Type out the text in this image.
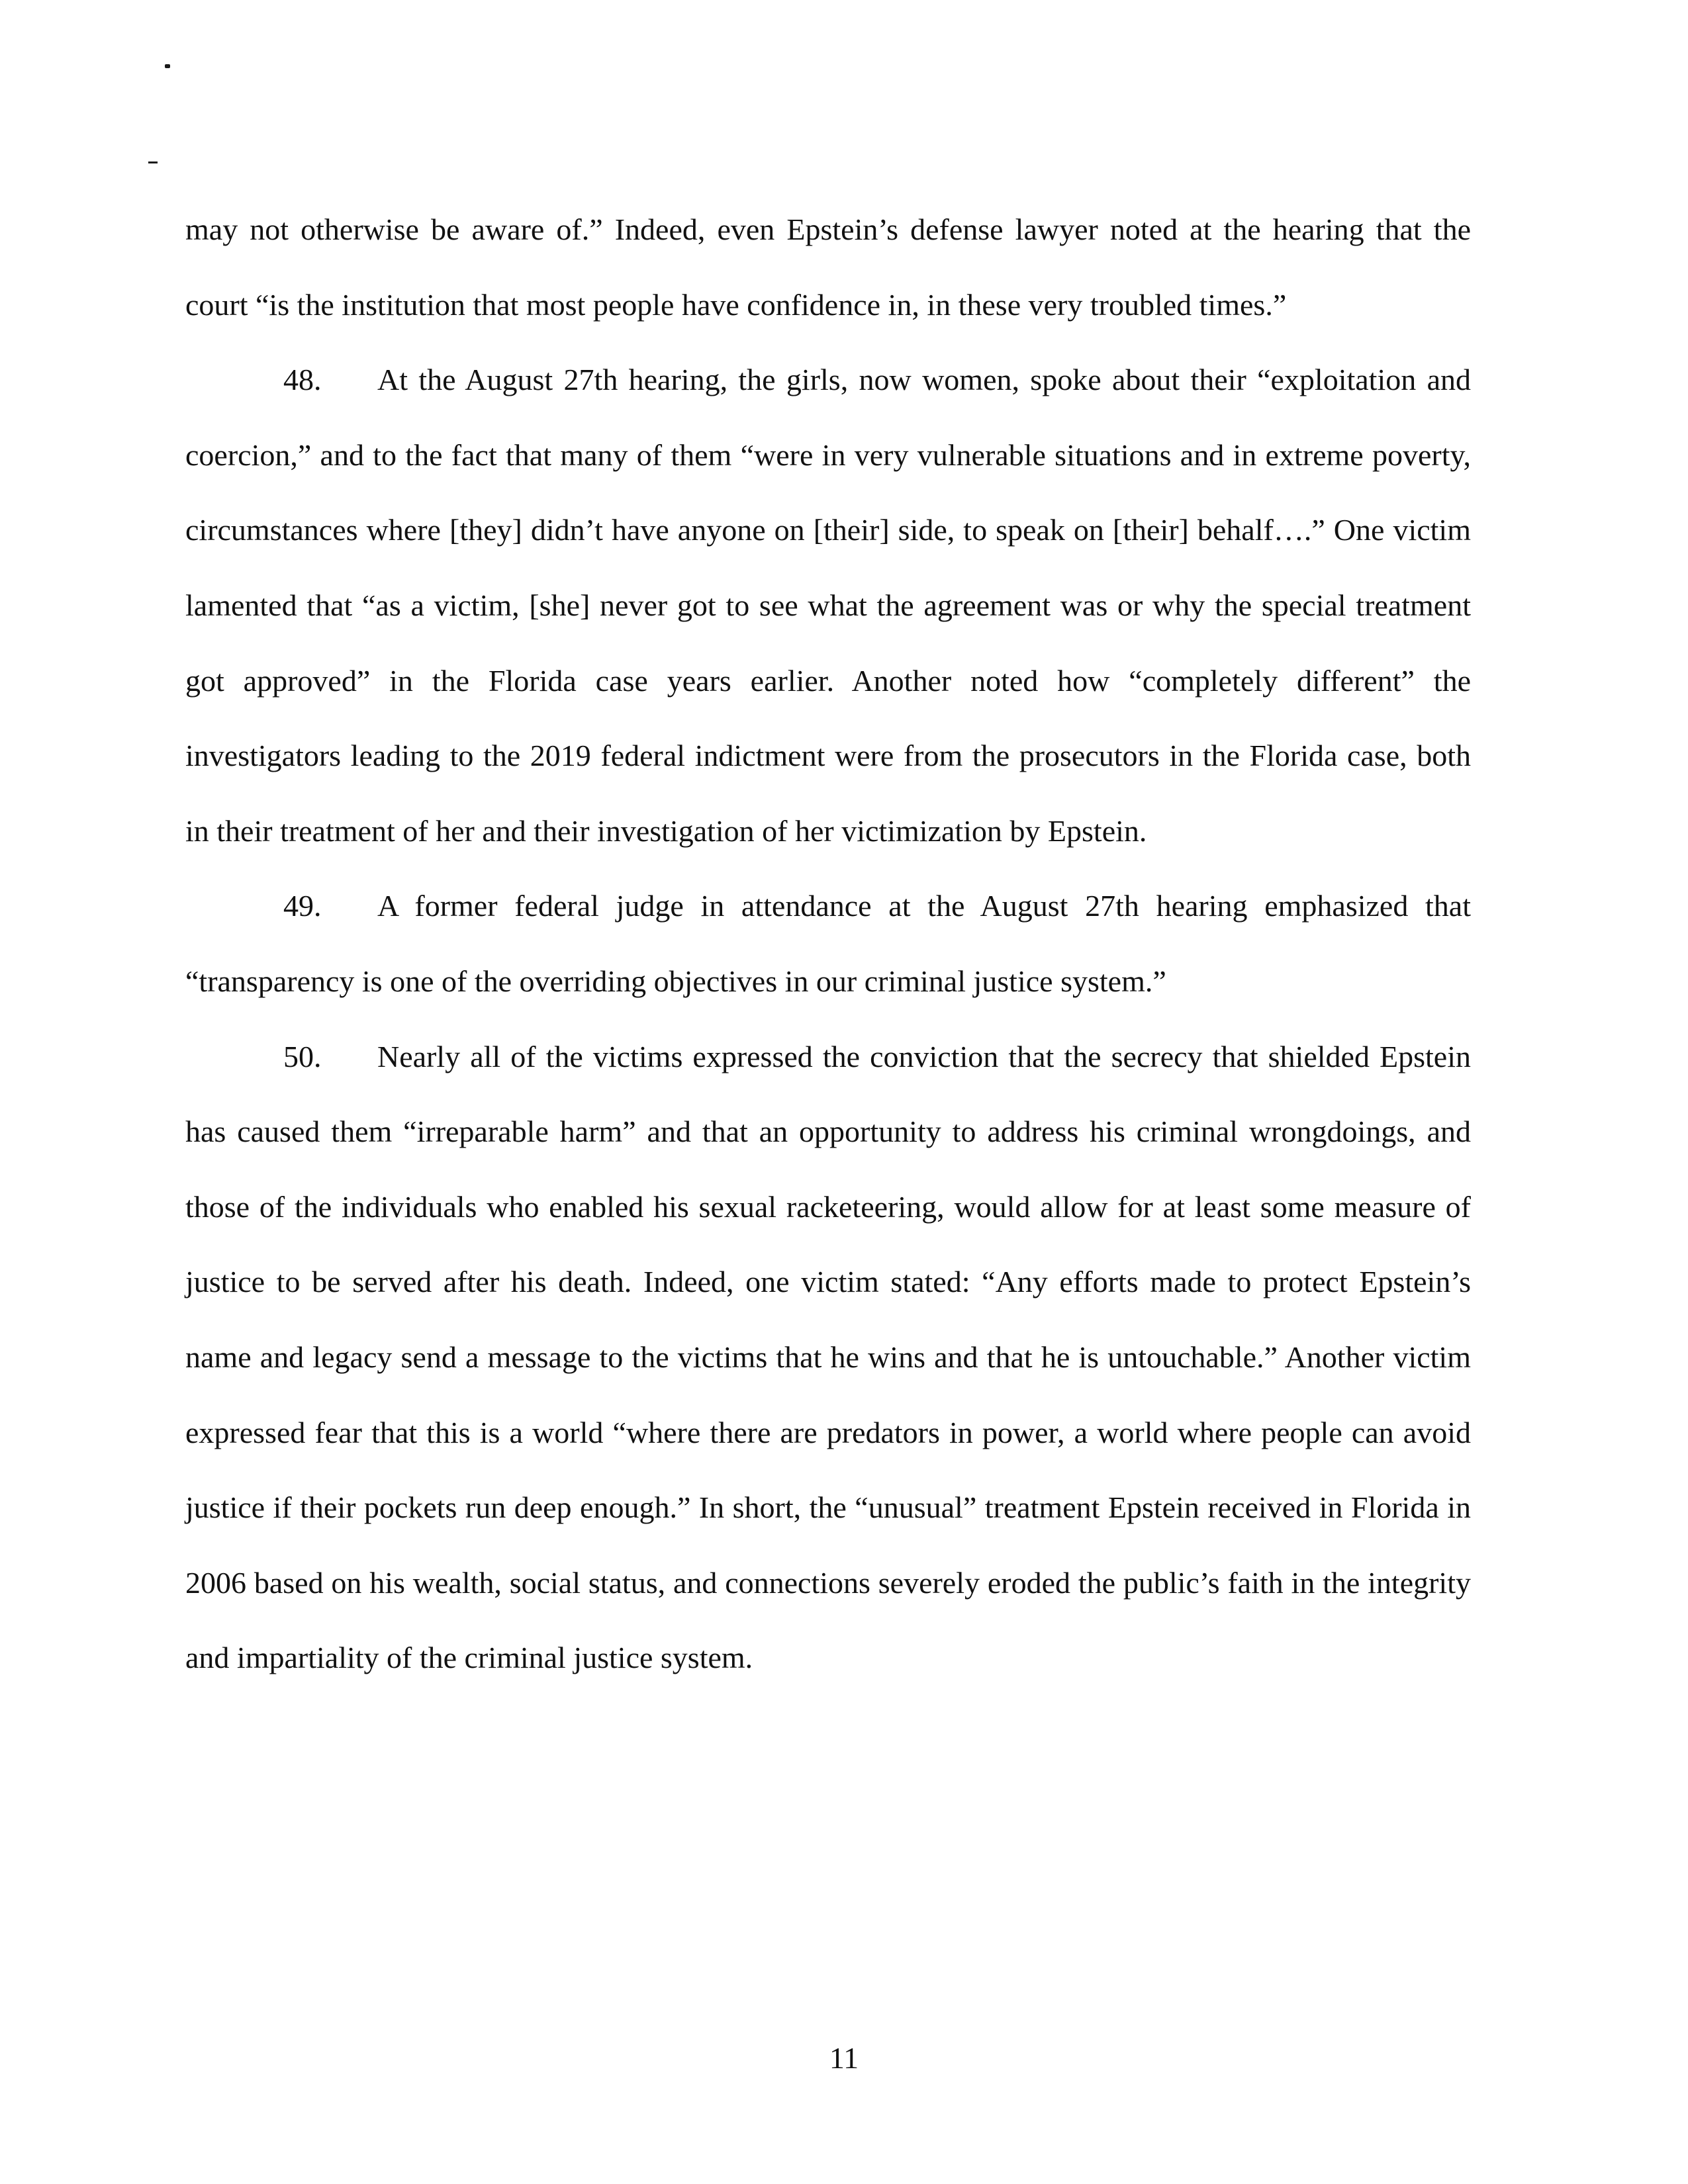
may not otherwise be aware of.” Indeed, even Epstein’s defense lawyer noted at the hearing that the court “is the institution that most people have confidence in, in these very troubled times.”

48. At the August 27th hearing, the girls, now women, spoke about their “exploitation and coercion,” and to the fact that many of them “were in very vulnerable situations and in extreme poverty, circumstances where [they] didn’t have anyone on [their] side, to speak on [their] behalf….” One victim lamented that “as a victim, [she] never got to see what the agreement was or why the special treatment got approved” in the Florida case years earlier. Another noted how “completely different” the investigators leading to the 2019 federal indictment were from the prosecutors in the Florida case, both in their treatment of her and their investigation of her victimization by Epstein.

49. A former federal judge in attendance at the August 27th hearing emphasized that “transparency is one of the overriding objectives in our criminal justice system.”

50. Nearly all of the victims expressed the conviction that the secrecy that shielded Epstein has caused them “irreparable harm” and that an opportunity to address his criminal wrongdoings, and those of the individuals who enabled his sexual racketeering, would allow for at least some measure of justice to be served after his death. Indeed, one victim stated: “Any efforts made to protect Epstein’s name and legacy send a message to the victims that he wins and that he is untouchable.” Another victim expressed fear that this is a world “where there are predators in power, a world where people can avoid justice if their pockets run deep enough.” In short, the “unusual” treatment Epstein received in Florida in 2006 based on his wealth, social status, and connections severely eroded the public’s faith in the integrity and impartiality of the criminal justice system.

11
